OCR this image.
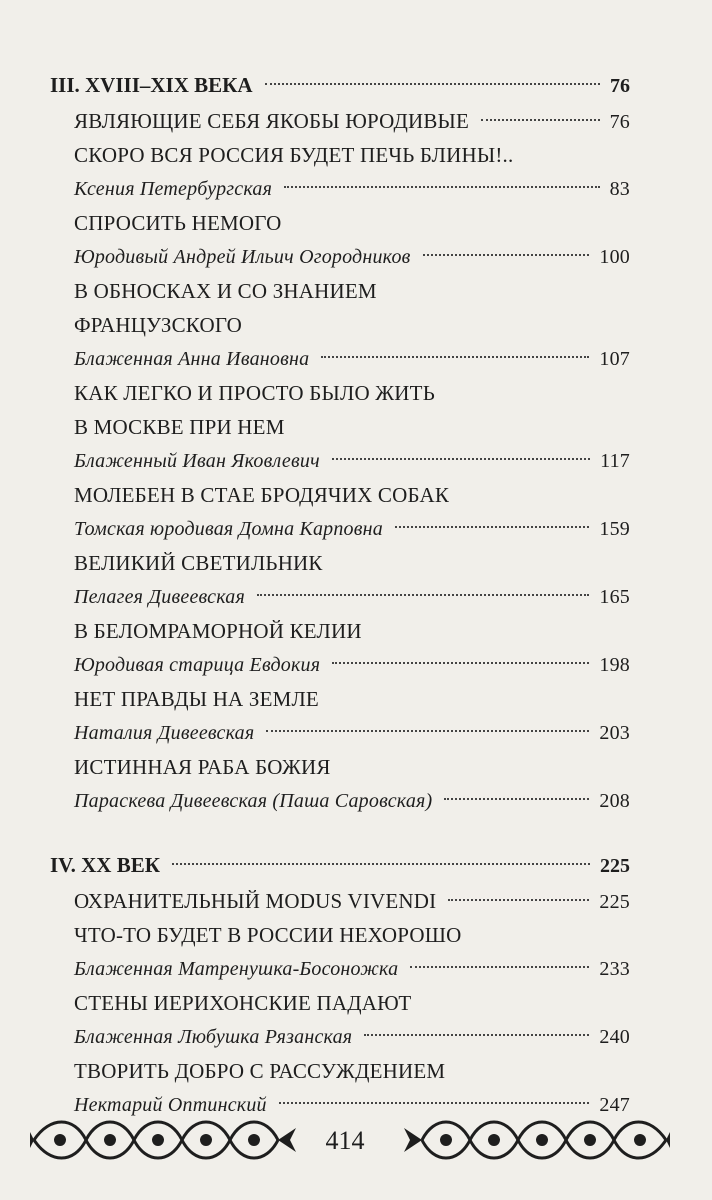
III. XVIII–XIX ВЕКА	76
ЯВЛЯЮЩИЕ СЕБЯ ЯКОБЫ ЮРОДИВЫЕ	76
СКОРО ВСЯ РОССИЯ БУДЕТ ПЕЧЬ БЛИНЫ!..
Ксения Петербургская	83
СПРОСИТЬ НЕМОГО
Юродивый Андрей Ильич Огородников	100
В ОБНОСКАХ И СО ЗНАНИЕМ
ФРАНЦУЗСКОГО
Блаженная Анна Ивановна	107
КАК ЛЕГКО И ПРОСТО БЫЛО ЖИТЬ
В МОСКВЕ ПРИ НЕМ
Блаженный Иван Яковлевич	117
МОЛЕБЕН В СТАЕ БРОДЯЧИХ СОБАК
Томская юродивая Домна Карповна	159
ВЕЛИКИЙ СВЕТИЛЬНИК
Пелагея Дивеевская	165
В БЕЛОМРАМОРНОЙ КЕЛИИ
Юродивая старица Евдокия	198
НЕТ ПРАВДЫ НА ЗЕМЛЕ
Наталия Дивеевская	203
ИСТИННАЯ РАБА БОЖИЯ
Параскева Дивеевская (Паша Саровская)	208
IV. XX ВЕК	225
ОХРАНИТЕЛЬНЫЙ MODUS VIVENDI	225
ЧТО-ТО БУДЕТ В РОССИИ НЕХОРОШО
Блаженная Матренушка-Босоножка	233
СТЕНЫ ИЕРИХОНСКИЕ ПАДАЮТ
Блаженная Любушка Рязанская	240
ТВОРИТЬ ДОБРО С РАССУЖДЕНИЕМ
Нектарий Оптинский	247
414
